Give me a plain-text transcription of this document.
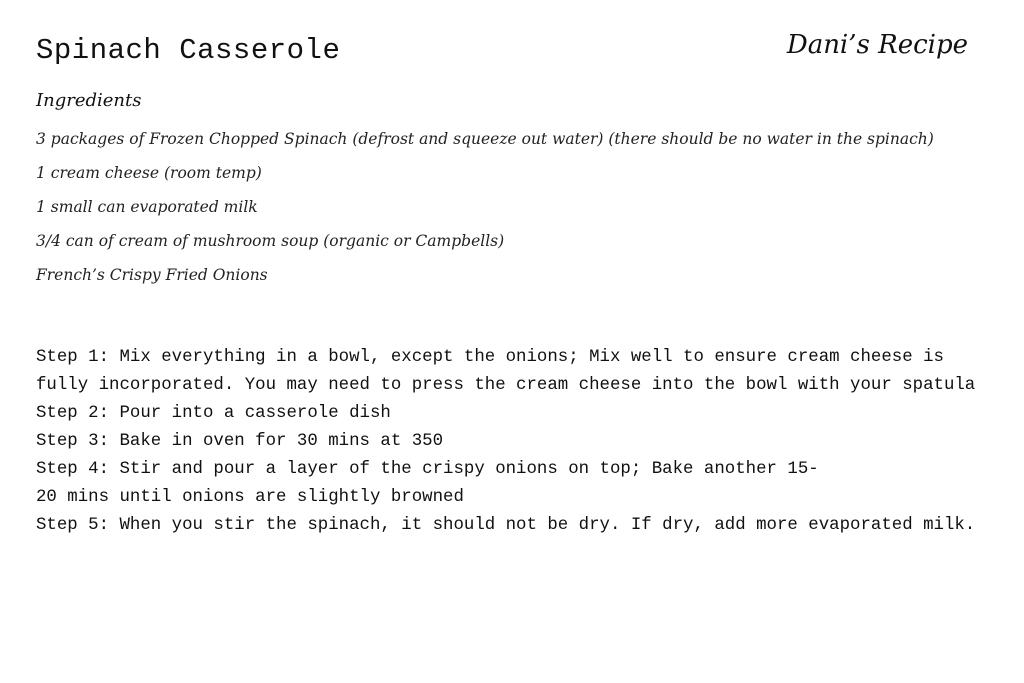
Spinach Casserole	Dani’s Recipe
Ingredients
3 packages of Frozen Chopped Spinach (defrost and squeeze out water) (there should be no water in the spinach)
1 cream cheese (room temp)
1 small can evaporated milk
3/4 can of cream of mushroom soup (organic or Campbells)
French’s Crispy Fried Onions
Step 1: Mix everything in a bowl, except the onions; Mix well to ensure cream cheese is fully incorporated. You may need to press the cream cheese into the bowl with your spatula
Step 2: Pour into a casserole dish
Step 3: Bake in oven for 30 mins at 350
Step 4: Stir and pour a layer of the crispy onions on top; Bake another 15-
20 mins until onions are slightly browned
Step 5: When you stir the spinach, it should not be dry. If dry, add more evaporated milk.
